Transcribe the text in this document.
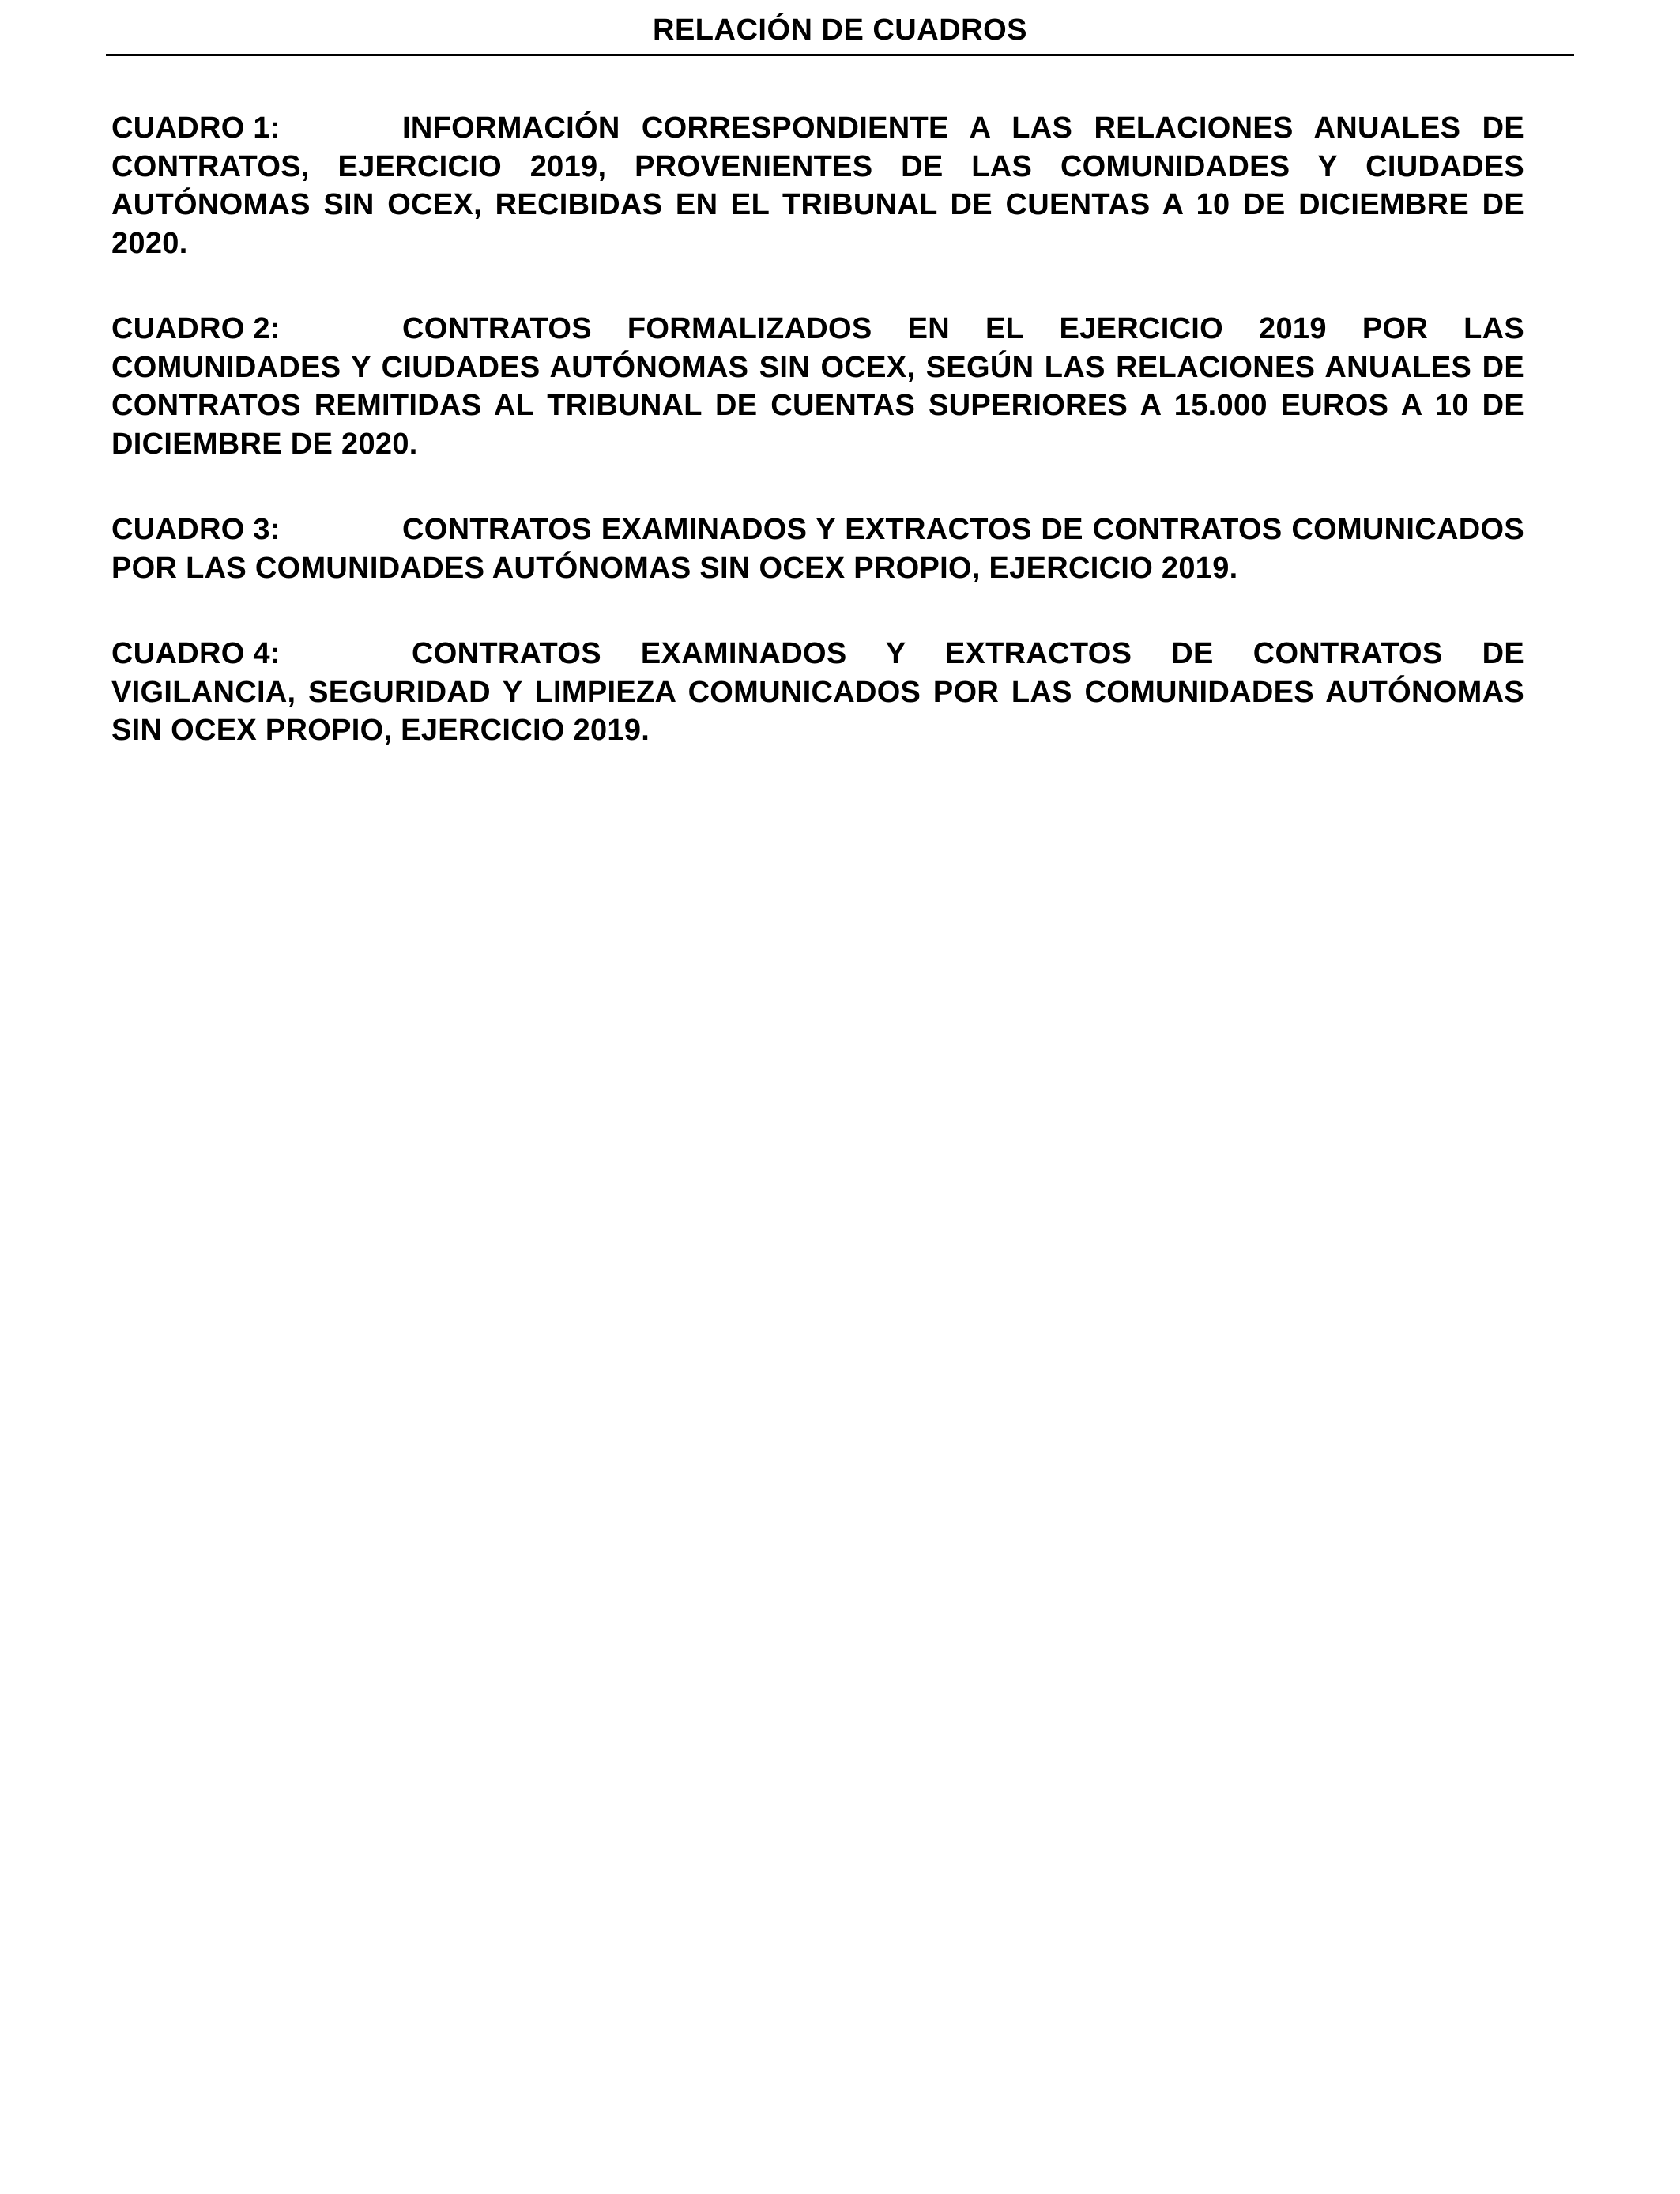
RELACIÓN DE CUADROS

CUADRO 1:	INFORMACIÓN CORRESPONDIENTE A LAS RELACIONES ANUALES DE CONTRATOS, EJERCICIO 2019, PROVENIENTES DE LAS COMUNIDADES Y CIUDADES AUTÓNOMAS SIN OCEX, RECIBIDAS EN EL TRIBUNAL DE CUENTAS A 10 DE DICIEMBRE DE 2020.

CUADRO 2:	CONTRATOS FORMALIZADOS EN EL EJERCICIO 2019 POR LAS COMUNIDADES Y CIUDADES AUTÓNOMAS SIN OCEX, SEGÚN LAS RELACIONES ANUALES DE CONTRATOS REMITIDAS AL TRIBUNAL DE CUENTAS SUPERIORES A 15.000 EUROS A 10 DE DICIEMBRE DE 2020.

CUADRO 3:	CONTRATOS EXAMINADOS Y EXTRACTOS DE CONTRATOS COMUNICADOS POR LAS COMUNIDADES AUTÓNOMAS SIN OCEX PROPIO, EJERCICIO 2019.

CUADRO 4:	CONTRATOS EXAMINADOS Y EXTRACTOS DE CONTRATOS DE VIGILANCIA, SEGURIDAD Y LIMPIEZA COMUNICADOS POR LAS COMUNIDADES AUTÓNOMAS SIN OCEX PROPIO, EJERCICIO 2019.
